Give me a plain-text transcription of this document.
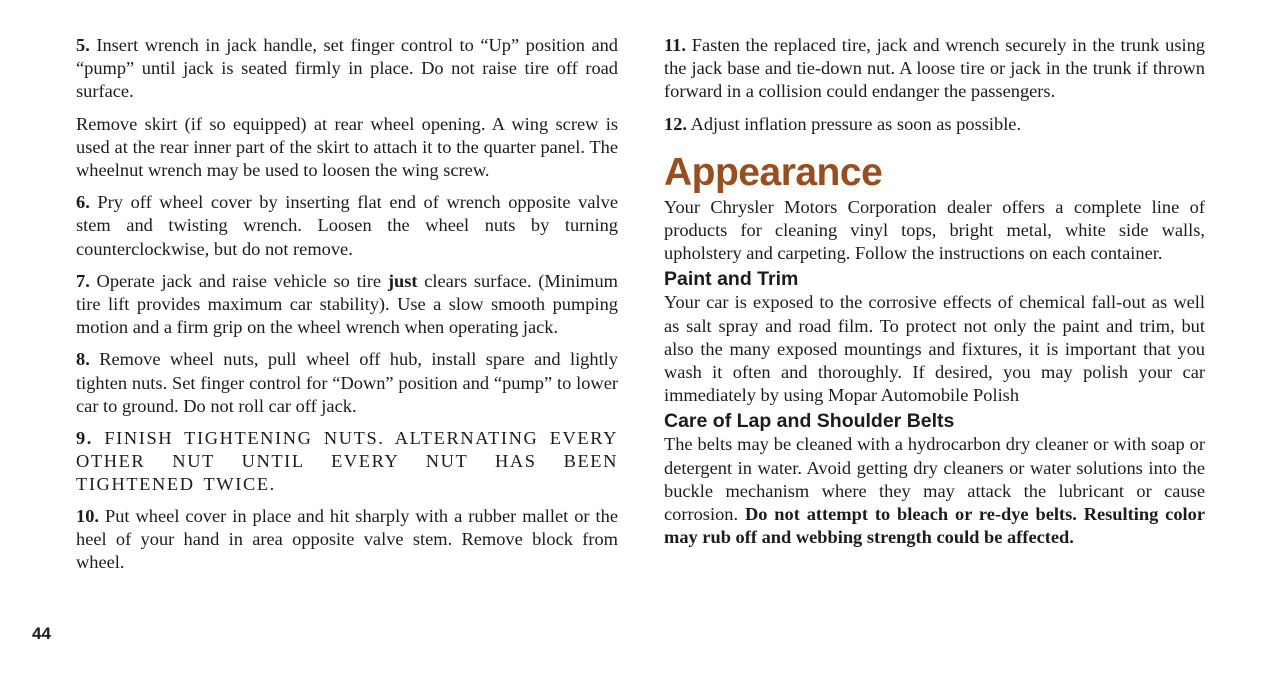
5. Insert wrench in jack handle, set finger control to “Up” position and “pump” until jack is seated firmly in place. Do not raise tire off road surface.

Remove skirt (if so equipped) at rear wheel opening. A wing screw is used at the rear inner part of the skirt to attach it to the quarter panel. The wheelnut wrench may be used to loosen the wing screw.

6. Pry off wheel cover by inserting flat end of wrench opposite valve stem and twisting wrench. Loosen the wheel nuts by turning counterclockwise, but do not remove.

7. Operate jack and raise vehicle so tire just clears surface. (Minimum tire lift provides maximum car stability). Use a slow smooth pumping motion and a firm grip on the wheel wrench when operating jack.

8. Remove wheel nuts, pull wheel off hub, install spare and lightly tighten nuts. Set finger control for “Down” position and “pump” to lower car to ground. Do not roll car off jack.

9. FINISH TIGHTENING NUTS. ALTERNATING EVERY OTHER NUT UNTIL EVERY NUT HAS BEEN TIGHTENED TWICE.

10. Put wheel cover in place and hit sharply with a rubber mallet or the heel of your hand in area opposite valve stem. Remove block from wheel.

11. Fasten the replaced tire, jack and wrench securely in the trunk using the jack base and tie-down nut. A loose tire or jack in the trunk if thrown forward in a collision could endanger the passengers.

12. Adjust inflation pressure as soon as possible.

Appearance

Your Chrysler Motors Corporation dealer offers a complete line of products for cleaning vinyl tops, bright metal, white side walls, upholstery and carpeting. Follow the instructions on each container.

Paint and Trim

Your car is exposed to the corrosive effects of chemical fall-out as well as salt spray and road film. To protect not only the paint and trim, but also the many exposed mountings and fixtures, it is important that you wash it often and thoroughly. If desired, you may polish your car immediately by using Mopar Automobile Polish

Care of Lap and Shoulder Belts

The belts may be cleaned with a hydrocarbon dry cleaner or with soap or detergent in water. Avoid getting dry cleaners or water solutions into the buckle mechanism where they may attack the lubricant or cause corrosion. Do not attempt to bleach or re-dye belts. Resulting color may rub off and webbing strength could be affected.

44
